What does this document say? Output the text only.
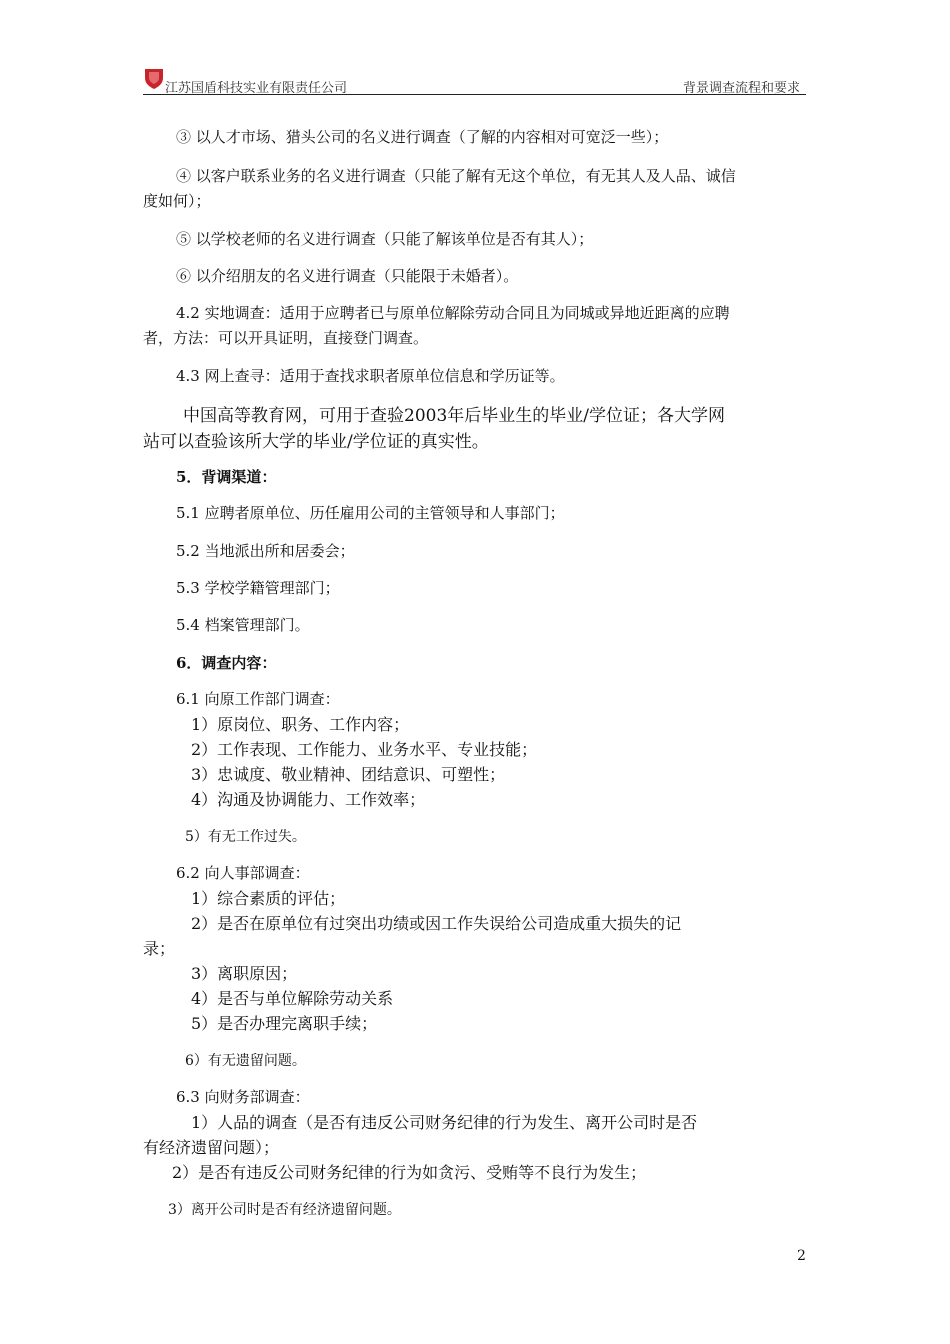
江苏国盾科技实业有限责任公司	背景调查流程和要求
③ 以人才市场、猎头公司的名义进行调查（了解的内容相对可宽泛一些）；
④ 以客户联系业务的名义进行调查（只能了解有无这个单位，有无其人及人品、诚信
度如何）；
⑤ 以学校老师的名义进行调查（只能了解该单位是否有其人）；
⑥ 以介绍朋友的名义进行调查（只能限于未婚者）。
4.2 实地调查：适用于应聘者已与原单位解除劳动合同且为同城或异地近距离的应聘
者，方法：可以开具证明，直接登门调查。
4.3 网上查寻：适用于查找求职者原单位信息和学历证等。
中国高等教育网，可用于查验2003年后毕业生的毕业/学位证；各大学网
站可以查验该所大学的毕业/学位证的真实性。
5．背调渠道：
5.1 应聘者原单位、历任雇用公司的主管领导和人事部门；
5.2 当地派出所和居委会；
5.3 学校学籍管理部门；
5.4 档案管理部门。
6．调查内容：
6.1 向原工作部门调查：
1）原岗位、职务、工作内容；
2）工作表现、工作能力、业务水平、专业技能；
3）忠诚度、敬业精神、团结意识、可塑性；
4）沟通及协调能力、工作效率；
5）有无工作过失。
6.2 向人事部调查：
1）综合素质的评估；
2）是否在原单位有过突出功绩或因工作失误给公司造成重大损失的记
录；
3）离职原因；
4）是否与单位解除劳动关系
5）是否办理完离职手续；
6）有无遗留问题。
6.3 向财务部调查：
1）人品的调查（是否有违反公司财务纪律的行为发生、离开公司时是否
有经济遗留问题）；
2）是否有违反公司财务纪律的行为如贪污、受贿等不良行为发生；
3）离开公司时是否有经济遗留问题。
2
